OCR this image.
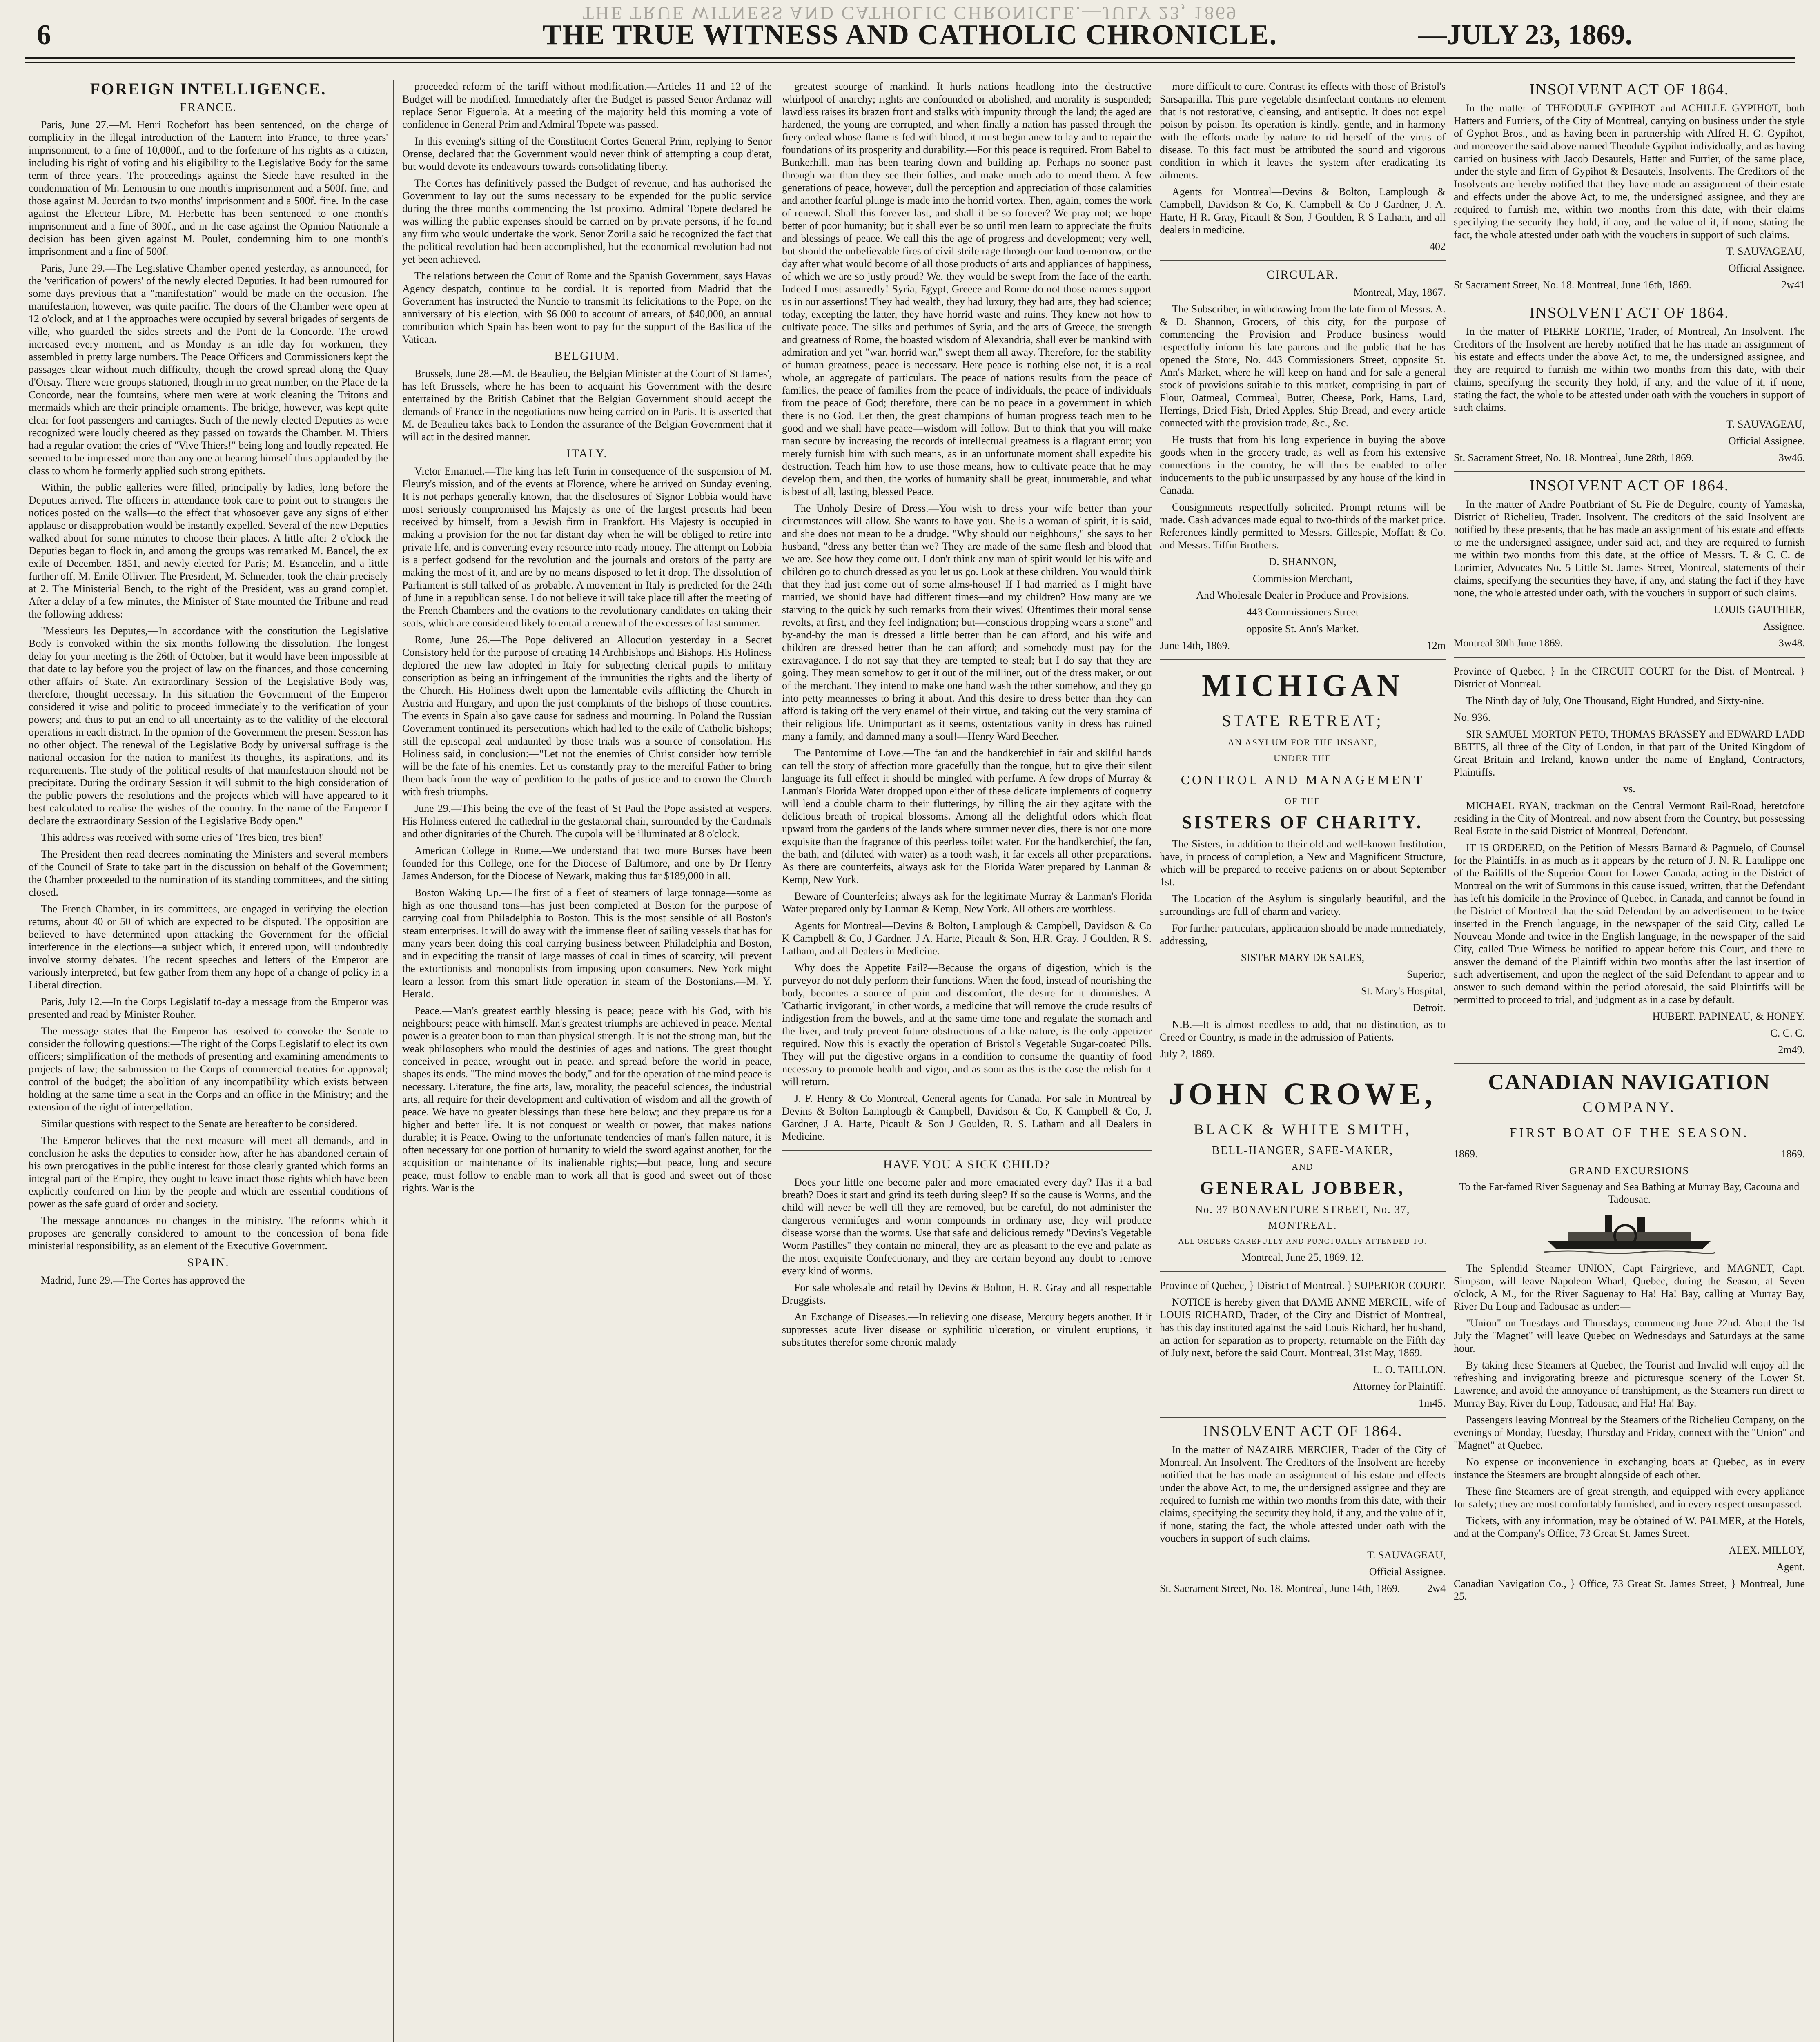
THE TRUE WITNESS AND CATHOLIC CHRONICLE.—JULY 23, 1869
6	THE TRUE WITNESS AND CATHOLIC CHRONICLE.	—JULY 23, 1869.
FOREIGN INTELLIGENCE.
FRANCE.

Paris, June 27.—M. Henri Rochefort has been sentenced, on the charge of complicity in the illegal introduction of the Lantern into France, to three years' imprisonment, to a fine of 10,000f., and to the forfeiture of his rights as a citizen, including his right of voting and his eligibility to the Legislative Body for the same term of three years. The proceedings against the Siecle have resulted in the condemnation of Mr. Lemousin to one month's imprisonment and a 500f. fine, and those against M. Jourdan to two months' imprisonment and a 500f. fine. In the case against the Electeur Libre, M. Herbette has been sentenced to one month's imprisonment and a fine of 300f., and in the case against the Opinion Nationale a decision has been given against M. Poulet, condemning him to one month's imprisonment and a fine of 500f.

Paris, June 29.—The Legislative Chamber opened yesterday, as announced, for the 'verification of powers' of the newly elected Deputies. It had been rumoured for some days previous that a "manifestation" would be made on the occasion. The manifestation, however, was quite pacific. The doors of the Chamber were open at 12 o'clock, and at 1 the approaches were occupied by several brigades of sergents de ville, who guarded the sides streets and the Pont de la Concorde. The crowd increased every moment, and as Monday is an idle day for workmen, they assembled in pretty large numbers. The Peace Officers and Commissioners kept the passages clear without much difficulty, though the crowd spread along the Quay d'Orsay. There were groups stationed, though in no great number, on the Place de la Concorde, near the fountains, where men were at work cleaning the Tritons and mermaids which are their principle ornaments. The bridge, however, was kept quite clear for foot passengers and carriages. Such of the newly elected Deputies as were recognized were loudly cheered as they passed on towards the Chamber. M. Thiers had a regular ovation; the cries of "Vive Thiers!" being long and loudly repeated. He seemed to be impressed more than any one at hearing himself thus applauded by the class to whom he formerly applied such strong epithets.

Within, the public galleries were filled, principally by ladies, long before the Deputies arrived. The officers in attendance took care to point out to strangers the notices posted on the walls—to the effect that whosoever gave any signs of either applause or disapprobation would be instantly expelled. Several of the new Deputies walked about for some minutes to choose their places. A little after 2 o'clock the Deputies began to flock in, and among the groups was remarked M. Bancel, the ex exile of December, 1851, and newly elected for Paris; M. Estancelin, and a little further off, M. Emile Ollivier. The President, M. Schneider, took the chair precisely at 2. The Ministerial Bench, to the right of the President, was au grand complet. After a delay of a few minutes, the Minister of State mounted the Tribune and read the following address:—

"Messieurs les Deputes,—In accordance with the constitution the Legislative Body is convoked within the six months following the dissolution. The longest delay for your meeting is the 26th of October, but it would have been impossible at that date to lay before you the project of law on the finances, and those concerning other affairs of State. An extraordinary Session of the Legislative Body was, therefore, thought necessary. In this situation the Government of the Emperor considered it wise and politic to proceed immediately to the verification of your powers; and thus to put an end to all uncertainty as to the validity of the electoral operations in each district. In the opinion of the Government the present Session has no other object. The renewal of the Legislative Body by universal suffrage is the national occasion for the nation to manifest its thoughts, its aspirations, and its requirements. The study of the political results of that manifestation should not be precipitate. During the ordinary Session it will submit to the high consideration of the public powers the resolutions and the projects which will have appeared to it best calculated to realise the wishes of the country. In the name of the Emperor I declare the extraordinary Session of the Legislative Body open."

This address was received with some cries of 'Tres bien, tres bien!'

The President then read decrees nominating the Ministers and several members of the Council of State to take part in the discussion on behalf of the Government; the Chamber proceeded to the nomination of its standing committees, and the sitting closed.

The French Chamber, in its committees, are engaged in verifying the election returns, about 40 or 50 of which are expected to be disputed. The opposition are believed to have determined upon attacking the Government for the official interference in the elections—a subject which, it entered upon, will undoubtedly involve stormy debates. The recent speeches and letters of the Emperor are variously interpreted, but few gather from them any hope of a change of policy in a Liberal direction.

Paris, July 12.—In the Corps Legislatif to-day a message from the Emperor was presented and read by Minister Rouher.

The message states that the Emperor has resolved to convoke the Senate to consider the following questions:—The right of the Corps Legislatif to elect its own officers; simplification of the methods of presenting and examining amendments to projects of law; the submission to the Corps of commercial treaties for approval; control of the budget; the abolition of any incompatibility which exists between holding at the same time a seat in the Corps and an office in the Ministry; and the extension of the right of interpellation.

Similar questions with respect to the Senate are hereafter to be considered.

The Emperor believes that the next measure will meet all demands, and in conclusion he asks the deputies to consider how, after he has abandoned certain of his own prerogatives in the public interest for those clearly granted which forms an integral part of the Empire, they ought to leave intact those rights which have been explicitly conferred on him by the people and which are essential conditions of power as the safe guard of order and society.

The message announces no changes in the ministry. The reforms which it proposes are generally considered to amount to the concession of bona fide ministerial responsibility, as an element of the Executive Government.

SPAIN.

Madrid, June 29.—The Cortes has approved the

proceeded reform of the tariff without modification.—Articles 11 and 12 of the Budget will be modified. Immediately after the Budget is passed Senor Ardanaz will replace Senor Figuerola. At a meeting of the majority held this morning a vote of confidence in General Prim and Admiral Topete was passed.

In this evening's sitting of the Constituent Cortes General Prim, replying to Senor Orense, declared that the Government would never think of attempting a coup d'etat, but would devote its endeavours towards consolidating liberty.

The Cortes has definitively passed the Budget of revenue, and has authorised the Government to lay out the sums necessary to be expended for the public service during the three months commencing the 1st proximo. Admiral Topete declared he was willing the public expenses should be carried on by private persons, if he found any firm who would undertake the work. Senor Zorilla said he recognized the fact that the political revolution had been accomplished, but the economical revolution had not yet been achieved.

The relations between the Court of Rome and the Spanish Government, says Havas Agency despatch, continue to be cordial. It is reported from Madrid that the Government has instructed the Nuncio to transmit its felicitations to the Pope, on the anniversary of his election, with $6 000 to account of arrears, of $40,000, an annual contribution which Spain has been wont to pay for the support of the Basilica of the Vatican.

BELGIUM.

Brussels, June 28.—M. de Beaulieu, the Belgian Minister at the Court of St James', has left Brussels, where he has been to acquaint his Government with the desire entertained by the British Cabinet that the Belgian Government should accept the demands of France in the negotiations now being carried on in Paris. It is asserted that M. de Beaulieu takes back to London the assurance of the Belgian Government that it will act in the desired manner.

ITALY.

Victor Emanuel.—The king has left Turin in consequence of the suspension of M. Fleury's mission, and of the events at Florence, where he arrived on Sunday evening. It is not perhaps generally known, that the disclosures of Signor Lobbia would have most seriously compromised his Majesty as one of the largest presents had been received by himself, from a Jewish firm in Frankfort. His Majesty is occupied in making a provision for the not far distant day when he will be obliged to retire into private life, and is converting every resource into ready money. The attempt on Lobbia is a perfect godsend for the revolution and the journals and orators of the party are making the most of it, and are by no means disposed to let it drop. The dissolution of Parliament is still talked of as probable. A movement in Italy is predicted for the 24th of June in a republican sense. I do not believe it will take place till after the meeting of the French Chambers and the ovations to the revolutionary candidates on taking their seats, which are considered likely to entail a renewal of the excesses of last summer.

Rome, June 26.—The Pope delivered an Allocution yesterday in a Secret Consistory held for the purpose of creating 14 Archbishops and Bishops. His Holiness deplored the new law adopted in Italy for subjecting clerical pupils to military conscription as being an infringement of the immunities the rights and the liberty of the Church. His Holiness dwelt upon the lamentable evils afflicting the Church in Austria and Hungary, and upon the just complaints of the bishops of those countries. The events in Spain also gave cause for sadness and mourning. In Poland the Russian Government continued its persecutions which had led to the exile of Catholic bishops; still the episcopal zeal undaunted by those trials was a source of consolation. His Holiness said, in conclusion:—"Let not the enemies of Christ consider how terrible will be the fate of his enemies. Let us constantly pray to the merciful Father to bring them back from the way of perdition to the paths of justice and to crown the Church with fresh triumphs.

June 29.—This being the eve of the feast of St Paul the Pope assisted at vespers. His Holiness entered the cathedral in the gestatorial chair, surrounded by the Cardinals and other dignitaries of the Church. The cupola will be illuminated at 8 o'clock.

American College in Rome.—We understand that two more Burses have been founded for this College, one for the Diocese of Baltimore, and one by Dr Henry James Anderson, for the Diocese of Newark, making thus far $189,000 in all.

Boston Waking Up.—The first of a fleet of steamers of large tonnage—some as high as one thousand tons—has just been completed at Boston for the purpose of carrying coal from Philadelphia to Boston. This is the most sensible of all Boston's steam enterprises. It will do away with the immense fleet of sailing vessels that has for many years been doing this coal carrying business between Philadelphia and Boston, and in expediting the transit of large masses of coal in times of scarcity, will prevent the extortionists and monopolists from imposing upon consumers. New York might learn a lesson from this smart little operation in steam of the Bostonians.—M. Y. Herald.

Peace.—Man's greatest earthly blessing is peace; peace with his God, with his neighbours; peace with himself. Man's greatest triumphs are achieved in peace. Mental power is a greater boon to man than physical strength. It is not the strong man, but the weak philosophers who mould the destinies of ages and nations. The great thought conceived in peace, wrought out in peace, and spread before the world in peace, shapes its ends. "The mind moves the body," and for the operation of the mind peace is necessary. Literature, the fine arts, law, morality, the peaceful sciences, the industrial arts, all require for their development and cultivation of wisdom and all the growth of peace. We have no greater blessings than these here below; and they prepare us for a higher and better life. It is not conquest or wealth or power, that makes nations durable; it is Peace. Owing to the unfortunate tendencies of man's fallen nature, it is often necessary for one portion of humanity to wield the sword against another, for the acquisition or maintenance of its inalienable rights;—but peace, long and secure peace, must follow to enable man to work all that is good and sweet out of those rights. War is the

greatest scourge of mankind. It hurls nations headlong into the destructive whirlpool of anarchy; rights are confounded or abolished, and morality is suspended; lawdless raises its brazen front and stalks with impunity through the land; the aged are hardened, the young are corrupted, and when finally a nation has passed through the fiery ordeal whose flame is fed with blood, it must begin anew to lay and to repair the foundations of its prosperity and durability.—For this peace is required. From Babel to Bunkerhill, man has been tearing down and building up. Perhaps no sooner past through war than they see their follies, and make much ado to mend them. A few generations of peace, however, dull the perception and appreciation of those calamities and another fearful plunge is made into the horrid vortex. Then, again, comes the work of renewal. Shall this forever last, and shall it be so forever? We pray not; we hope better of poor humanity; but it shall ever be so until men learn to appreciate the fruits and blessings of peace. We call this the age of progress and development; very well, but should the unbelievable fires of civil strife rage through our land to-morrow, or the day after what would become of all those products of arts and appliances of happiness, of which we are so justly proud? We, they would be swept from the face of the earth. Indeed I must assuredly! Syria, Egypt, Greece and Rome do not those names support us in our assertions! They had wealth, they had luxury, they had arts, they had science; today, excepting the latter, they have horrid waste and ruins. They knew not how to cultivate peace. The silks and perfumes of Syria, and the arts of Greece, the strength and greatness of Rome, the boasted wisdom of Alexandria, shall ever be mankind with admiration and yet "war, horrid war," swept them all away. Therefore, for the stability of human greatness, peace is necessary. Here peace is nothing else not, it is a real whole, an aggregate of particulars. The peace of nations results from the peace of families, the peace of families from the peace of individuals, the peace of individuals from the peace of God; therefore, there can be no peace in a government in which there is no God. Let then, the great champions of human progress teach men to be good and we shall have peace—wisdom will follow. But to think that you will make man secure by increasing the records of intellectual greatness is a flagrant error; you merely furnish him with such means, as in an unfortunate moment shall expedite his destruction. Teach him how to use those means, how to cultivate peace that he may develop them, and then, the works of humanity shall be great, innumerable, and what is best of all, lasting, blessed Peace.

The Unholy Desire of Dress.—You wish to dress your wife better than your circumstances will allow. She wants to have you. She is a woman of spirit, it is said, and she does not mean to be a drudge. "Why should our neighbours," she says to her husband, "dress any better than we? They are made of the same flesh and blood that we are. See how they come out. I don't think any man of spirit would let his wife and children go to church dressed as you let us go. Look at these children. You would think that they had just come out of some alms-house! If I had married as I might have married, we should have had different times—and my children? How many are we starving to the quick by such remarks from their wives! Oftentimes their moral sense revolts, at first, and they feel indignation; but—conscious dropping wears a stone" and by-and-by the man is dressed a little better than he can afford, and his wife and children are dressed better than he can afford; and somebody must pay for the extravagance. I do not say that they are tempted to steal; but I do say that they are going. They mean somehow to get it out of the milliner, out of the dress maker, or out of the merchant. They intend to make one hand wash the other somehow, and they go into petty meannesses to bring it about. And this desire to dress better than they can afford is taking off the very enamel of their virtue, and taking out the very stamina of their religious life. Unimportant as it seems, ostentatious vanity in dress has ruined many a family, and damned many a soul!—Henry Ward Beecher.

The Pantomime of Love.—The fan and the handkerchief in fair and skilful hands can tell the story of affection more gracefully than the tongue, but to give their silent language its full effect it should be mingled with perfume. A few drops of Murray & Lanman's Florida Water dropped upon either of these delicate implements of coquetry will lend a double charm to their flutterings, by filling the air they agitate with the delicious breath of tropical blossoms. Among all the delightful odors which float upward from the gardens of the lands where summer never dies, there is not one more exquisite than the fragrance of this peerless toilet water. For the handkerchief, the fan, the bath, and (diluted with water) as a tooth wash, it far excels all other preparations. As there are counterfeits, always ask for the Florida Water prepared by Lanman & Kemp, New York.

Beware of Counterfeits; always ask for the legitimate Murray & Lanman's Florida Water prepared only by Lanman & Kemp, New York. All others are worthless.

Agents for Montreal—Devins & Bolton, Lamplough & Campbell, Davidson & Co K Campbell & Co, J Gardner, J A. Harte, Picault & Son, H.R. Gray, J Goulden, R S. Latham, and all Dealers in Medicine.

Why does the Appetite Fail?—Because the organs of digestion, which is the purveyor do not duly perform their functions. When the food, instead of nourishing the body, becomes a source of pain and discomfort, the desire for it diminishes. A 'Cathartic invigorant,' in other words, a medicine that will remove the crude results of indigestion from the bowels, and at the same time tone and regulate the stomach and the liver, and truly prevent future obstructions of a like nature, is the only appetizer required. Now this is exactly the operation of Bristol's Vegetable Sugar-coated Pills. They will put the digestive organs in a condition to consume the quantity of food necessary to promote health and vigor, and as soon as this is the case the relish for it will return.

J. F. Henry & Co Montreal, General agents for Canada. For sale in Montreal by Devins & Bolton Lamplough & Campbell, Davidson & Co, K Campbell & Co, J. Gardner, J A. Harte, Picault & Son J Goulden, R. S. Latham and all Dealers in Medicine.

HAVE YOU A SICK CHILD?

Does your little one become paler and more emaciated every day? Has it a bad breath? Does it start and grind its teeth during sleep? If so the cause is Worms, and the child will never be well till they are removed, but be careful, do not administer the dangerous vermifuges and worm compounds in ordinary use, they will produce disease worse than the worms. Use that safe and delicious remedy "Devins's Vegetable Worm Pastilles" they contain no mineral, they are as pleasant to the eye and palate as the most exquisite Confectionary, and they are certain beyond any doubt to remove every kind of worms.

For sale wholesale and retail by Devins & Bolton, H. R. Gray and all respectable Druggists.

An Exchange of Diseases.—In relieving one disease, Mercury begets another. If it suppresses acute liver disease or syphilitic ulceration, or virulent eruptions, it substitutes therefor some chronic malady

more difficult to cure. Contrast its effects with those of Bristol's Sarsaparilla. This pure vegetable disinfectant contains no element that is not restorative, cleansing, and antiseptic. It does not expel poison by poison. Its operation is kindly, gentle, and in harmony with the efforts made by nature to rid herself of the virus of disease. To this fact must be attributed the sound and vigorous condition in which it leaves the system after eradicating its ailments.

Agents for Montreal—Devins & Bolton, Lamplough & Campbell, Davidson & Co, K. Campbell & Co J Gardner, J. A. Harte, H R. Gray, Picault & Son, J Goulden, R S Latham, and all dealers in medicine.

402

CIRCULAR.

Montreal, May, 1867.

The Subscriber, in withdrawing from the late firm of Messrs. A. & D. Shannon, Grocers, of this city, for the purpose of commencing the Provision and Produce business would respectfully inform his late patrons and the public that he has opened the Store, No. 443 Commissioners Street, opposite St. Ann's Market, where he will keep on hand and for sale a general stock of provisions suitable to this market, comprising in part of Flour, Oatmeal, Cornmeal, Butter, Cheese, Pork, Hams, Lard, Herrings, Dried Fish, Dried Apples, Ship Bread, and every article connected with the provision trade, &c., &c.

He trusts that from his long experience in buying the above goods when in the grocery trade, as well as from his extensive connections in the country, he will thus be enabled to offer inducements to the public unsurpassed by any house of the kind in Canada.

Consignments respectfully solicited. Prompt returns will be made. Cash advances made equal to two-thirds of the market price. References kindly permitted to Messrs. Gillespie, Moffatt & Co. and Messrs. Tiffin Brothers.

D. SHANNON,

Commission Merchant,

And Wholesale Dealer in Produce and Provisions,

443 Commissioners Street

opposite St. Ann's Market.

June 14th, 1869.	12m

MICHIGAN
STATE RETREAT;
AN ASYLUM FOR THE INSANE,
UNDER THE
CONTROL AND MANAGEMENT
OF THE
SISTERS OF CHARITY.

The Sisters, in addition to their old and well-known Institution, have, in process of completion, a New and Magnificent Structure, which will be prepared to receive patients on or about September 1st.

The Location of the Asylum is singularly beautiful, and the surroundings are full of charm and variety.

For further particulars, application should be made immediately, addressing,

SISTER MARY DE SALES,

Superior,

St. Mary's Hospital,

Detroit.

N.B.—It is almost needless to add, that no distinction, as to Creed or Country, is made in the admission of Patients.

July 2, 1869.

JOHN CROWE,
BLACK & WHITE SMITH,
BELL-HANGER, SAFE-MAKER,
AND
GENERAL JOBBER,
No. 37 BONAVENTURE STREET, No. 37,
MONTREAL.
ALL ORDERS CAREFULLY AND PUNCTUALLY ATTENDED TO.

Montreal, June 25, 1869. 12.

Province of Quebec, } District of Montreal. } SUPERIOR COURT.

NOTICE is hereby given that DAME ANNE MERCIL, wife of LOUIS RICHARD, Trader, of the City and District of Montreal, has this day instituted against the said Louis Richard, her husband, an action for separation as to property, returnable on the Fifth day of July next, before the said Court. Montreal, 31st May, 1869.

L. O. TAILLON.

Attorney for Plaintiff.

1m45.

INSOLVENT ACT OF 1864.

In the matter of NAZAIRE MERCIER, Trader of the City of Montreal. An Insolvent. The Creditors of the Insolvent are hereby notified that he has made an assignment of his estate and effects under the above Act, to me, the undersigned assignee and they are required to furnish me within two months from this date, with their claims, specifying the security they hold, if any, and the value of it, if none, stating the fact, the whole attested under oath with the vouchers in support of such claims.

T. SAUVAGEAU,

Official Assignee.

St. Sacrament Street, No. 18. Montreal, June 14th, 1869.	2w4

INSOLVENT ACT OF 1864.

In the matter of THEODULE GYPIHOT and ACHILLE GYPIHOT, both Hatters and Furriers, of the City of Montreal, carrying on business under the style of Gyphot Bros., and as having been in partnership with Alfred H. G. Gypihot, and moreover the said above named Theodule Gypihot individually, and as having carried on business with Jacob Desautels, Hatter and Furrier, of the same place, under the style and firm of Gypihot & Desautels, Insolvents. The Creditors of the Insolvents are hereby notified that they have made an assignment of their estate and effects under the above Act, to me, the undersigned assignee, and they are required to furnish me, within two months from this date, with their claims specifying the security they hold, if any, and the value of it, if none, stating the fact, the whole attested under oath with the vouchers in support of such claims.

T. SAUVAGEAU,

Official Assignee.

St Sacrament Street, No. 18. Montreal, June 16th, 1869.	2w41

INSOLVENT ACT OF 1864.

In the matter of PIERRE LORTIE, Trader, of Montreal, An Insolvent. The Creditors of the Insolvent are hereby notified that he has made an assignment of his estate and effects under the above Act, to me, the undersigned assignee, and they are required to furnish me within two months from this date, with their claims, specifying the security they hold, if any, and the value of it, if none, stating the fact, the whole to be attested under oath with the vouchers in support of such claims.

T. SAUVAGEAU,

Official Assignee.

St. Sacrament Street, No. 18. Montreal, June 28th, 1869.	3w46.

INSOLVENT ACT OF 1864.

In the matter of Andre Poutbriant of St. Pie de Degulre, county of Yamaska, District of Richelieu, Trader. Insolvent. The creditors of the said Insolvent are notified by these presents, that he has made an assignment of his estate and effects to me the undersigned assignee, under said act, and they are required to furnish me within two months from this date, at the office of Messrs. T. & C. C. de Lorimier, Advocates No. 5 Little St. James Street, Montreal, statements of their claims, specifying the securities they have, if any, and stating the fact if they have none, the whole attested under oath, with the vouchers in support of such claims.

LOUIS GAUTHIER,

Assignee.

Montreal 30th June 1869.	3w48.

Province of Quebec, } In the CIRCUIT COURT for the Dist. of Montreal. } District of Montreal.

The Ninth day of July, One Thousand, Eight Hundred, and Sixty-nine.

No. 936.

SIR SAMUEL MORTON PETO, THOMAS BRASSEY and EDWARD LADD BETTS, all three of the City of London, in that part of the United Kingdom of Great Britain and Ireland, known under the name of England, Contractors, Plaintiffs.

vs.

MICHAEL RYAN, trackman on the Central Vermont Rail-Road, heretofore residing in the City of Montreal, and now absent from the Country, but possessing Real Estate in the said District of Montreal, Defendant.

IT IS ORDERED, on the Petition of Messrs Barnard & Pagnuelo, of Counsel for the Plaintiffs, in as much as it appears by the return of J. N. R. Latulippe one of the Bailiffs of the Superior Court for Lower Canada, acting in the District of Montreal on the writ of Summons in this cause issued, written, that the Defendant has left his domicile in the Province of Quebec, in Canada, and cannot be found in the District of Montreal that the said Defendant by an advertisement to be twice inserted in the French language, in the newspaper of the said City, called Le Nouveau Monde and twice in the English language, in the newspaper of the said City, called True Witness be notified to appear before this Court, and there to answer the demand of the Plaintiff within two months after the last insertion of such advertisement, and upon the neglect of the said Defendant to appear and to answer to such demand within the period aforesaid, the said Plaintiffs will be permitted to proceed to trial, and judgment as in a case by default.

HUBERT, PAPINEAU, & HONEY.

C. C. C.

2m49.

CANADIAN NAVIGATION
COMPANY.
FIRST BOAT OF THE SEASON.

1869.	1869.

GRAND EXCURSIONS

To the Far-famed River Saguenay and Sea Bathing at Murray Bay, Cacouna and Tadousac.

The Splendid Steamer UNION, Capt Fairgrieve, and MAGNET, Capt. Simpson, will leave Napoleon Wharf, Quebec, during the Season, at Seven o'clock, A M., for the River Saguenay to Ha! Ha! Bay, calling at Murray Bay, River Du Loup and Tadousac as under:—

"Union" on Tuesdays and Thursdays, commencing June 22nd. About the 1st July the "Magnet" will leave Quebec on Wednesdays and Saturdays at the same hour.

By taking these Steamers at Quebec, the Tourist and Invalid will enjoy all the refreshing and invigorating breeze and picturesque scenery of the Lower St. Lawrence, and avoid the annoyance of transhipment, as the Steamers run direct to Murray Bay, River du Loup, Tadousac, and Ha! Ha! Bay.

Passengers leaving Montreal by the Steamers of the Richelieu Company, on the evenings of Monday, Tuesday, Thursday and Friday, connect with the "Union" and "Magnet" at Quebec.

No expense or inconvenience in exchanging boats at Quebec, as in every instance the Steamers are brought alongside of each other.

These fine Steamers are of great strength, and equipped with every appliance for safety; they are most comfortably furnished, and in every respect unsurpassed.

Tickets, with any information, may be obtained of W. PALMER, at the Hotels, and at the Company's Office, 73 Great St. James Street.

ALEX. MILLOY,

Agent.

Canadian Navigation Co., } Office, 73 Great St. James Street, } Montreal, June 25.
